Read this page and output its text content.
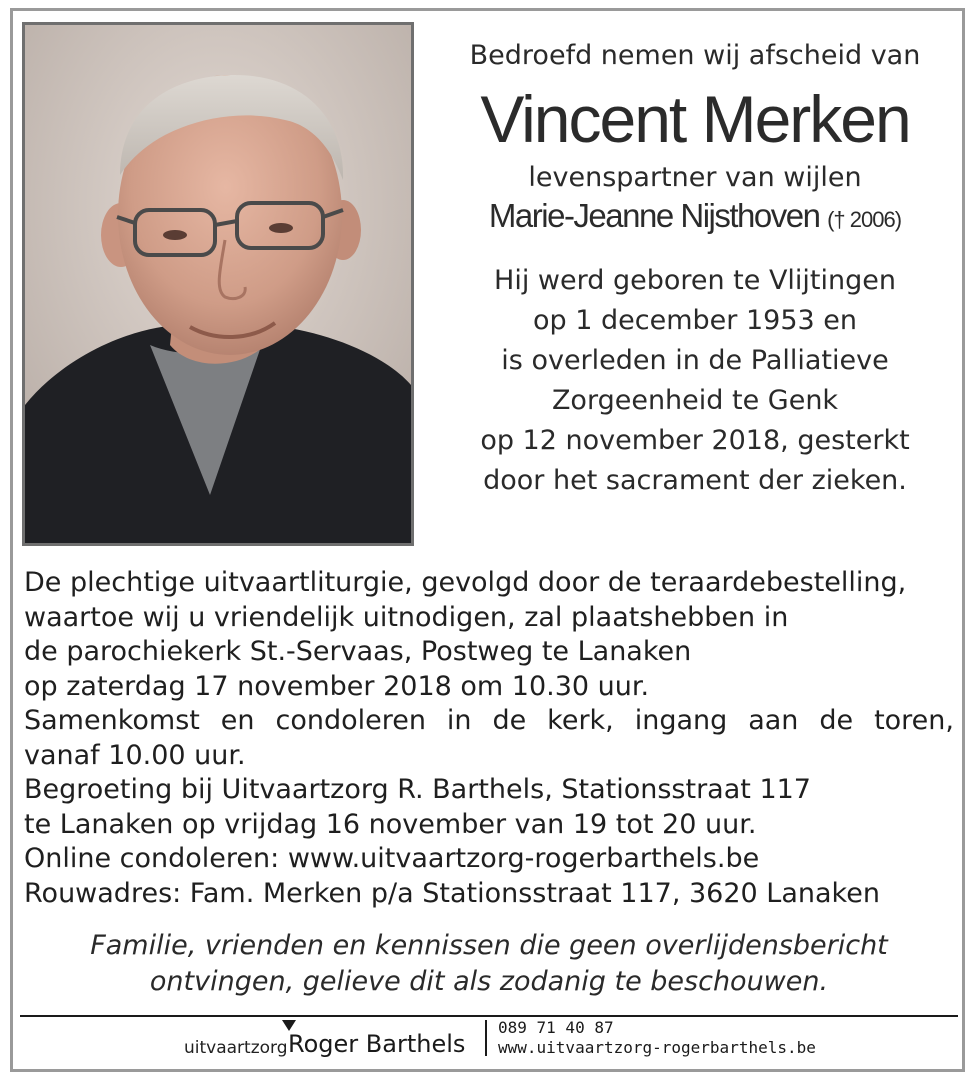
Bedroefd nemen wij afscheid van

Vincent Merken

levenspartner van wijlen

Marie-Jeanne Nijsthoven († 2006)

Hij werd geboren te Vlijtingen
op 1 december 1953 en
is overleden in de Palliatieve
Zorgeenheid te Genk
op 12 november 2018, gesterkt
door het sacrament der zieken.
De plechtige uitvaartliturgie, gevolgd door de teraardebestelling,
waartoe wij u vriendelijk uitnodigen, zal plaatshebben in
de parochiekerk St.-Servaas, Postweg te Lanaken
op zaterdag 17 november 2018 om 10.30 uur.
Samenkomst en condoleren in de kerk, ingang aan de toren,
vanaf 10.00 uur.
Begroeting bij Uitvaartzorg R. Barthels, Stationsstraat 117
te Lanaken op vrijdag 16 november van 19 tot 20 uur.
Online condoleren: www.uitvaartzorg-rogerbarthels.be
Rouwadres: Fam. Merken p/a Stationsstraat 117, 3620 Lanaken
Familie, vrienden en kennissen die geen overlijdensbericht
ontvingen, gelieve dit als zodanig te beschouwen.
uitvaartzorg Roger Barthels
089 71 40 87
www.uitvaartzorg-rogerbarthels.be
